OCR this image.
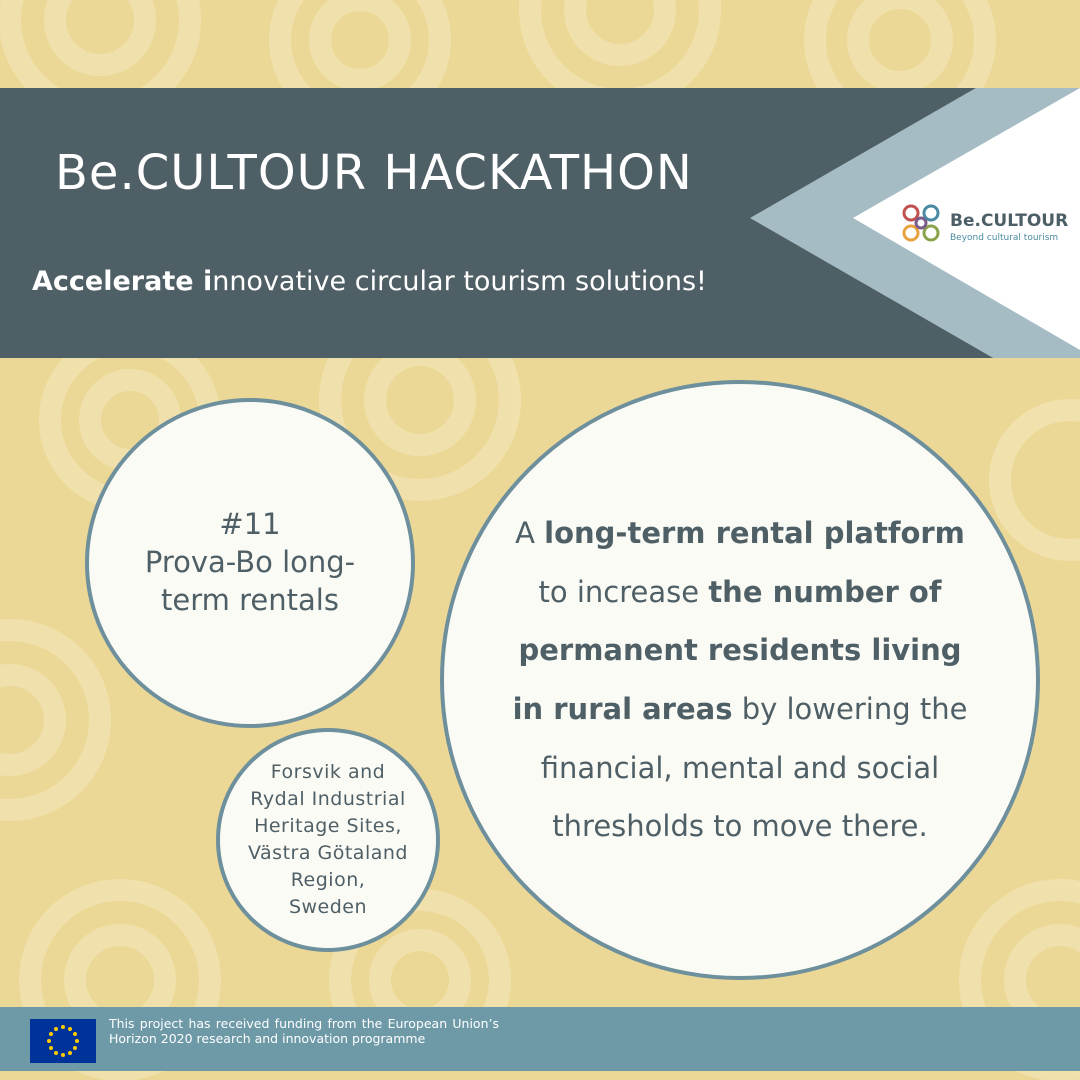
Be.CULTOUR HACKATHON

Accelerate innovative circular tourism solutions!

Be.CULTOUR
Beyond cultural tourism
#11
Prova-Bo long-
term rentals
Forsvik and
Rydal Industrial
Heritage Sites,
Västra Götaland
Region,
Sweden
A long-term rental platform to increase the number of permanent residents living in rural areas by lowering the financial, mental and social thresholds to move there.

This project has received funding from the European Union’s Horizon 2020 research and innovation programme
